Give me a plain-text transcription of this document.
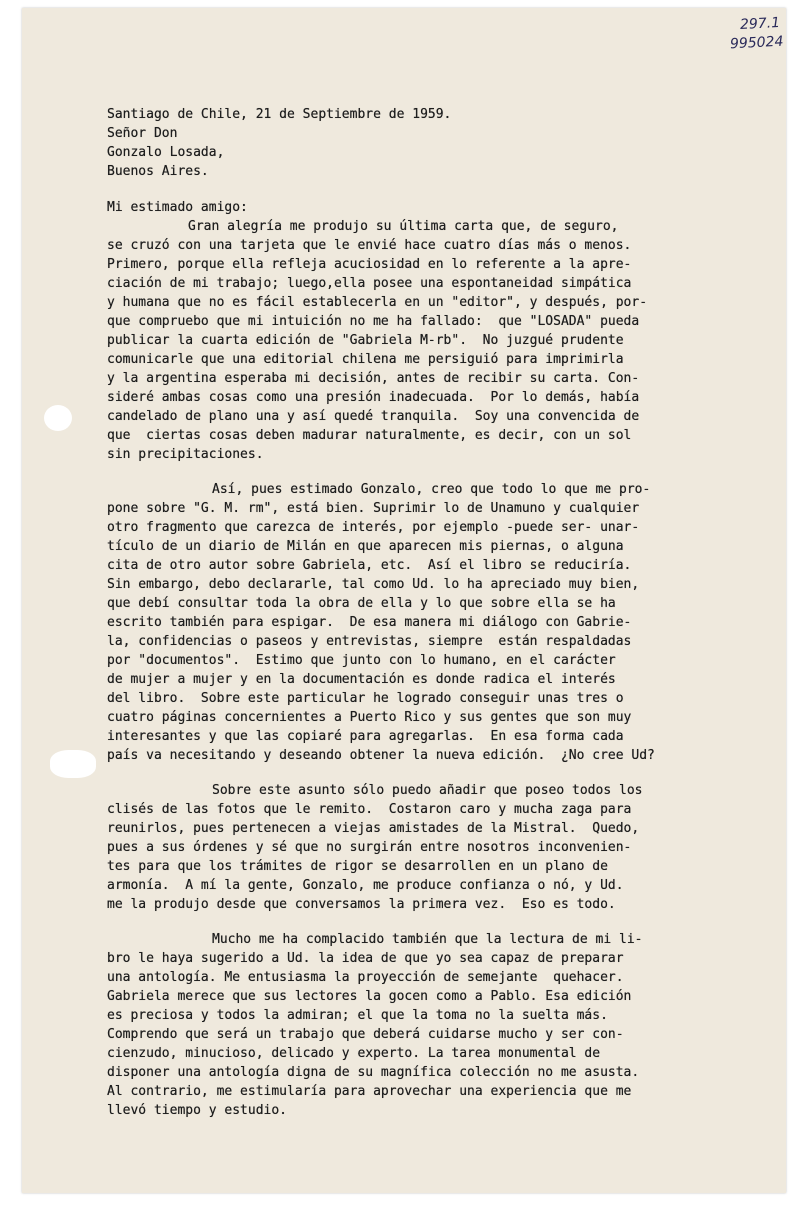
297.1
995024
Santiago de Chile, 21 de Septiembre de 1959.
Señor Don
Gonzalo Losada,
Buenos Aires.
Mi estimado amigo:
Gran alegría me produjo su última carta que, de seguro,
se cruzó con una tarjeta que le envié hace cuatro días más o menos.
Primero, porque ella refleja acuciosidad en lo referente a la apre-
ciación de mi trabajo; luego,ella posee una espontaneidad simpática
y humana que no es fácil establecerla en un "editor", y después, por-
que compruebo que mi intuición no me ha fallado:  que "LOSADA" pueda
publicar la cuarta edición de "Gabriela M-rb".  No juzgué prudente
comunicarle que una editorial chilena me persiguió para imprimirla
y la argentina esperaba mi decisión, antes de recibir su carta. Con-
sideré ambas cosas como una presión inadecuada.  Por lo demás, había
candelado de plano una y así quedé tranquila.  Soy una convencida de
que  ciertas cosas deben madurar naturalmente, es decir, con un sol
sin precipitaciones.
Así, pues estimado Gonzalo, creo que todo lo que me pro-
pone sobre "G. M. rm", está bien. Suprimir lo de Unamuno y cualquier
otro fragmento que carezca de interés, por ejemplo -puede ser- unar-
tículo de un diario de Milán en que aparecen mis piernas, o alguna
cita de otro autor sobre Gabriela, etc.  Así el libro se reduciría.
Sin embargo, debo declararle, tal como Ud. lo ha apreciado muy bien,
que debí consultar toda la obra de ella y lo que sobre ella se ha
escrito también para espigar.  De esa manera mi diálogo con Gabrie-
la, confidencias o paseos y entrevistas, siempre  están respaldadas
por "documentos".  Estimo que junto con lo humano, en el carácter
de mujer a mujer y en la documentación es donde radica el interés
del libro.  Sobre este particular he logrado conseguir unas tres o
cuatro páginas concernientes a Puerto Rico y sus gentes que son muy
interesantes y que las copiaré para agregarlas.  En esa forma cada
país va necesitando y deseando obtener la nueva edición.  ¿No cree Ud?
Sobre este asunto sólo puedo añadir que poseo todos los
clisés de las fotos que le remito.  Costaron caro y mucha zaga para
reunirlos, pues pertenecen a viejas amistades de la Mistral.  Quedo,
pues a sus órdenes y sé que no surgirán entre nosotros inconvenien-
tes para que los trámites de rigor se desarrollen en un plano de
armonía.  A mí la gente, Gonzalo, me produce confianza o nó, y Ud.
me la produjo desde que conversamos la primera vez.  Eso es todo.
Mucho me ha complacido también que la lectura de mi li-
bro le haya sugerido a Ud. la idea de que yo sea capaz de preparar
una antología. Me entusiasma la proyección de semejante  quehacer.
Gabriela merece que sus lectores la gocen como a Pablo. Esa edición
es preciosa y todos la admiran; el que la toma no la suelta más.
Comprendo que será un trabajo que deberá cuidarse mucho y ser con-
cienzudo, minucioso, delicado y experto. La tarea monumental de
disponer una antología digna de su magnífica colección no me asusta.
Al contrario, me estimularía para aprovechar una experiencia que me
llevó tiempo y estudio.
